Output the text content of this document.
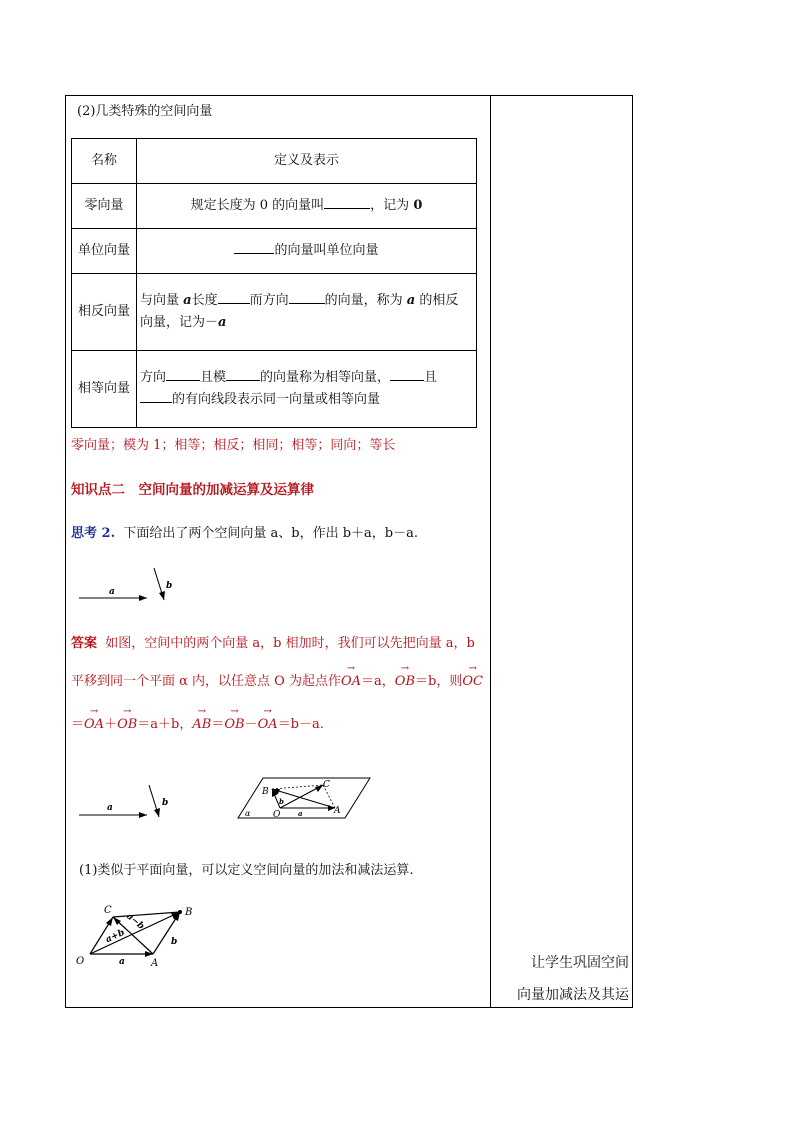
(2)几类特殊的空间向量
名称	定义及表示
零向量	规定长度为 0 的向量叫 ，记为 0
单位向量	的向量叫单位向量
相反向量	与向量 a长度 而方向 的向量，称为 a 的相反
向量，记为－a

相等向量	方向 且模 的向量称为相等向量， 且
的有向线段表示同一向量或相等向量
零向量；模为 1；相等；相反；相同；相等；同向；等长
知识点二　空间向量的加减运算及运算律
思考 2. 下面给出了两个空间向量 a、b，作出 b＋a，b－a.
a
b
答案 如图，空间中的两个向量 a，b 相加时，我们可以先把向量 a，b
平移到同一个平面 α 内，以任意点 O 为起点作→ OA＝a，→ OB＝b，则→ OC
＝→ OA＋→ OB＝a＋b，→ AB＝→ OB－→ OA＝b－a.
a	b
B
C
O	A
α
b
a
(1)类似于平面向量，可以定义空间向量的加法和减法运算.
C	B
O	A
a
b
a+b
a−b
让学生巩固空间
向量加减法及其运
